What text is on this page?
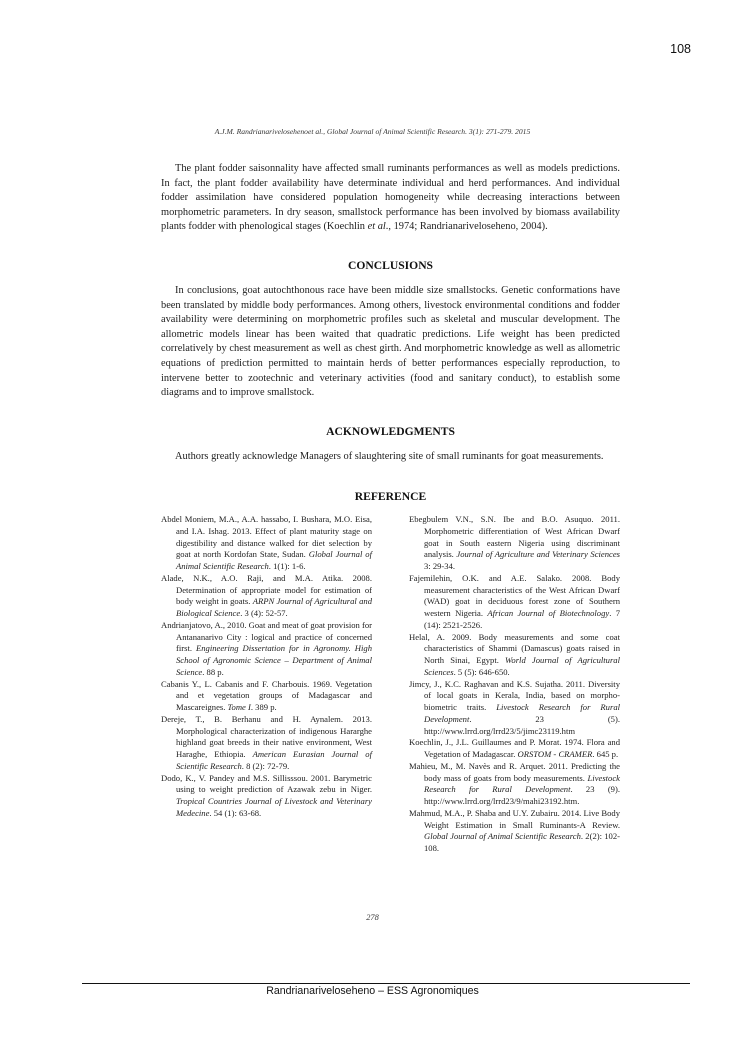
108
A.J.M. Randrianarivelosehenoet al., Global Journal of Animal Scientific Research. 3(1): 271-279. 2015

The plant fodder saisonnality have affected small ruminants performances as well as models predictions. In fact, the plant fodder availability have determinate individual and herd performances. And individual fodder assimilation have considered population homogeneity while decreasing interactions between morphometric parameters. In dry season, smallstock performance has been involved by biomass availability plants fodder with phenological stages (Koechlin et al., 1974; Randrianariveloseheno, 2004).

CONCLUSIONS

In conclusions, goat autochthonous race have been middle size smallstocks. Genetic conformations have been translated by middle body performances. Among others, livestock environmental conditions and fodder availability were determining on morphometric profiles such as skeletal and muscular development. The allometric models linear has been waited that quadratic predictions. Life weight has been predicted correlatively by chest measurement as well as chest girth. And morphometric knowledge as well as allometric equations of prediction permitted to maintain herds of better performances especially reproduction, to intervene better to zootechnic and veterinary activities (food and sanitary conduct), to establish some diagrams and to improve smallstock.

ACKNOWLEDGMENTS

Authors greatly acknowledge Managers of slaughtering site of small ruminants for goat measurements.

REFERENCE

Abdel Moniem, M.A., A.A. hassabo, I. Bushara, M.O. Eisa, and I.A. Ishag. 2013. Effect of plant maturity stage on digestibility and distance walked for diet selection by goat at north Kordofan State, Sudan. Global Journal of Animal Scientific Research. 1(1): 1-6.

Alade, N.K., A.O. Raji, and M.A. Atika. 2008. Determination of appropriate model for estimation of body weight in goats. ARPN Journal of Agricultural and Biological Science. 3 (4): 52-57.

Andrianjatovo, A., 2010. Goat and meat of goat provision for Antananarivo City : logical and practice of concerned first. Engineering Dissertation for in Agronomy. High School of Agronomic Science – Department of Animal Science. 88 p.

Cabanis Y., L. Cabanis and F. Charbouis. 1969. Vegetation and et vegetation groups of Madagascar and Mascareignes. Tome I. 389 p.

Dereje, T., B. Berhanu and H. Aynalem. 2013. Morphological characterization of indigenous Hararghe highland goat breeds in their native environment, West Haraghe, Ethiopia. American Eurasian Journal of Scientific Research. 8 (2): 72-79.

Dodo, K., V. Pandey and M.S. Sillisssou. 2001. Barymetric using to weight prediction of Azawak zebu in Niger. Tropical Countries Journal of Livestock and Veterinary Medecine. 54 (1): 63-68.

Ebegbulem V.N., S.N. Ibe and B.O. Asuquo. 2011. Morphometric differentiation of West African Dwarf goat in South eastern Nigeria using discriminant analysis. Journal of Agriculture and Veterinary Sciences 3: 29-34.

Fajemilehin, O.K. and A.E. Salako. 2008. Body measurement characteristics of the West African Dwarf (WAD) goat in deciduous forest zone of Southern western Nigeria. African Journal of Biotechnology. 7 (14): 2521-2526.

Helal, A. 2009. Body measurements and some coat characteristics of Shammi (Damascus) goats raised in North Sinai, Egypt. World Journal of Agricultural Sciences. 5 (5): 646-650.

Jimcy, J., K.C. Raghavan and K.S. Sujatha. 2011. Diversity of local goats in Kerala, India, based on morpho-biometric traits. Livestock Research for Rural Development. 23 (5). http://www.lrrd.org/lrrd23/5/jimc23119.htm

Koechlin, J., J.L. Guillaumes and P. Morat. 1974. Flora and Vegetation of Madagascar. ORSTOM - CRAMER. 645 p.

Mahieu, M., M. Navès and R. Arquet. 2011. Predicting the body mass of goats from body measurements. Livestock Research for Rural Development. 23 (9). http://www.lrrd.org/lrrd23/9/mahi23192.htm.

Mahmud, M.A., P. Shaba and U.Y. Zubairu. 2014. Live Body Weight Estimation in Small Ruminants-A Review. Global Journal of Animal Scientific Research. 2(2): 102-108.

278
Randrianariveloseheno – ESS Agronomiques
